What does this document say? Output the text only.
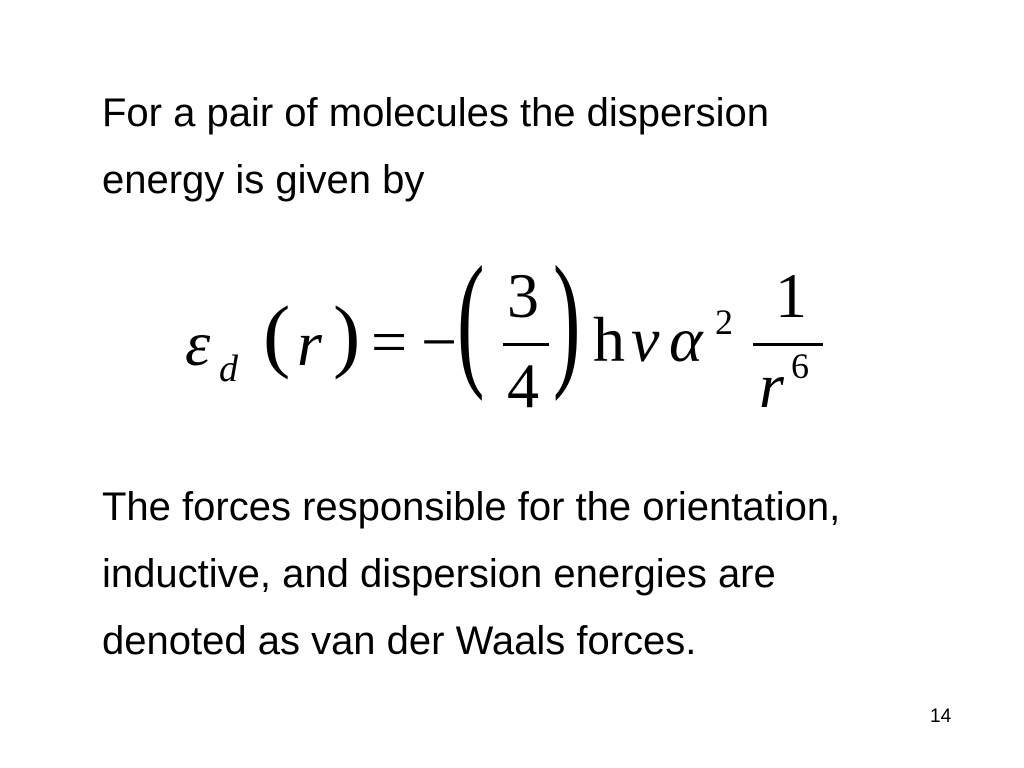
For a pair of molecules the dispersion
energy is given by

ε d ( r ) = − ( 3
4 ) h ν α 2 1
r 6

The forces responsible for the orientation,
inductive, and dispersion energies are
denoted as van der Waals forces.

14
